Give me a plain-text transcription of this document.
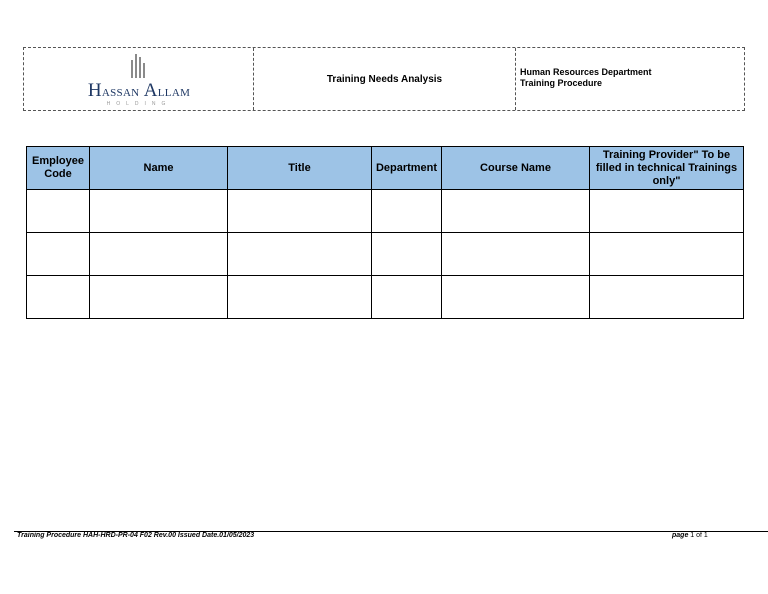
Hassan Allam
HOLDING
Training Needs Analysis
Human Resources Department
Training Procedure
Employee Code	Name	Title	Department	Course Name	Training Provider" To be filled in technical Trainings only"

Training Procedure HAH-HRD-PR-04 F02 Rev.00 Issued Date.01/05/2023	page 1 of 1
